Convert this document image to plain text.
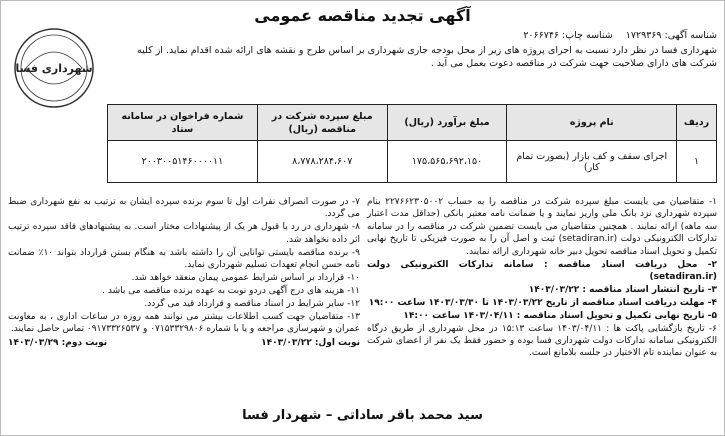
آگهی تجدید مناقصه عمومی
شناسه آگهی: ۱۷۲۹۳۶۹ شناسه چاپ: ۲۰۶۶۷۴۶
شهرداری فسا در نظر دارد نسبت به اجرای پروژه های زیر از محل بودجه جاری شهرداری بر اساس طرح و نقشه های ارائه شده اقدام نماید. از کلیه شرکت های دارای صلاحیت جهت شرکت در مناقصه دعوت بعمل می آید .
شهرداری فسا
ردیف	نام پروژه	مبلغ برآورد (ریال)	مبلغ سپرده شرکت در مناقصه (ریال)	شماره فراخوان در سامانه ستاد
۱	اجرای سقف و کف بازار (بصورت تمام کار)	۱۷۵،۵۶۵،۶۹۲،۱۵۰	۸،۷۷۸،۲۸۴،۶۰۷	۲۰۰۳۰۰۵۱۴۶۰۰۰۰۱۱

۱- متقاضیان می بایست مبلغ سپرده شرکت در مناقصه را به حساب ۲۲۷۶۶۲۳۰۵۰۰۲ بنام سپرده شهرداری نزد بانک ملی واریز نمایند و یا ضمانت نامه معتبر بانکی (حداقل مدت اعتبار سه ماهه) ارائه نمایند . همچنین متقاضیان می بایست تضمین شرکت در مناقصه را در سامانه تدارکات الکترونیکی دولت (setadiran.ir) ثبت و اصل آن را به صورت فیزیکی تا تاریخ نهایی تکمیل و تحویل اسناد مناقصه تحویل دبیر خانه شهرداری ارائه نمایند.

۲- محل دریافت اسناد مناقصه : سامانه تدارکات الکترونیکی دولت (setadiran.ir)

۳- تاریخ انتشار اسناد مناقصه : ۱۴۰۳/۰۳/۲۲

۴- مهلت دریافت اسناد مناقصه از تاریخ ۱۴۰۳/۰۳/۲۲ تا ۱۴۰۳/۰۳/۳۰ ساعت ۱۹:۰۰

۵- تاریخ نهایی تکمیل و تحویل اسناد مناقصه : ۱۴۰۳/۰۴/۱۱ ساعت ۱۴:۰۰

۶- تاریخ بازگشایی پاکت ها : ۱۴۰۳/۰۴/۱۱ ساعت ۱۵:۱۳ در محل شهرداری از طریق درگاه الکترونیکی سامانه تدارکات دولت شهرداری فسا بوده و حضور فقط یک نفر از اعضای شرکت به عنوان نماینده تام الاختیار در جلسه بلامانع است.

۷- در صورت انصراف نفرات اول تا سوم برنده سپرده ایشان به ترتیب به نفع شهرداری ضبط می گردد.

۸- شهرداری در رد یا قبول هر یک از پیشنهادات مختار است. به پیشنهادهای فاقد سپرده ترتیب اثر داده نخواهد شد.

۹- برنده مناقصه بایستی توانایی آن را داشته باشد به هنگام بستن قرارداد بتواند ۱۰٪ ضمانت نامه حسن انجام تعهدات تسلیم شهرداری نماید.

۱۰- قرارداد بر اساس شرایط عمومی پیمان منعقد خواهد شد.

۱۱- هزینه های درج آگهی دردو نوبت به عهده برنده مناقصه می باشد .

۱۲- سایر شرایط در اسناد مناقصه و قرارداد قید می گردد.

۱۳- متقاضیان جهت کسب اطلاعات بیشتر می توانند همه روزه در ساعات اداری ، به معاونت عمران و شهرسازی مراجعه و یا با شماره ۰۷۱۵۳۳۲۹۸۰۶ و ۰۹۱۷۳۳۲۶۵۳۷ تماس حاصل نمایند.

نوبت اول: ۱۴۰۳/۰۳/۲۲
نوبت دوم: ۱۴۰۳/۰۳/۲۹
سید محمد باقر ساداتی – شهردار فسا
